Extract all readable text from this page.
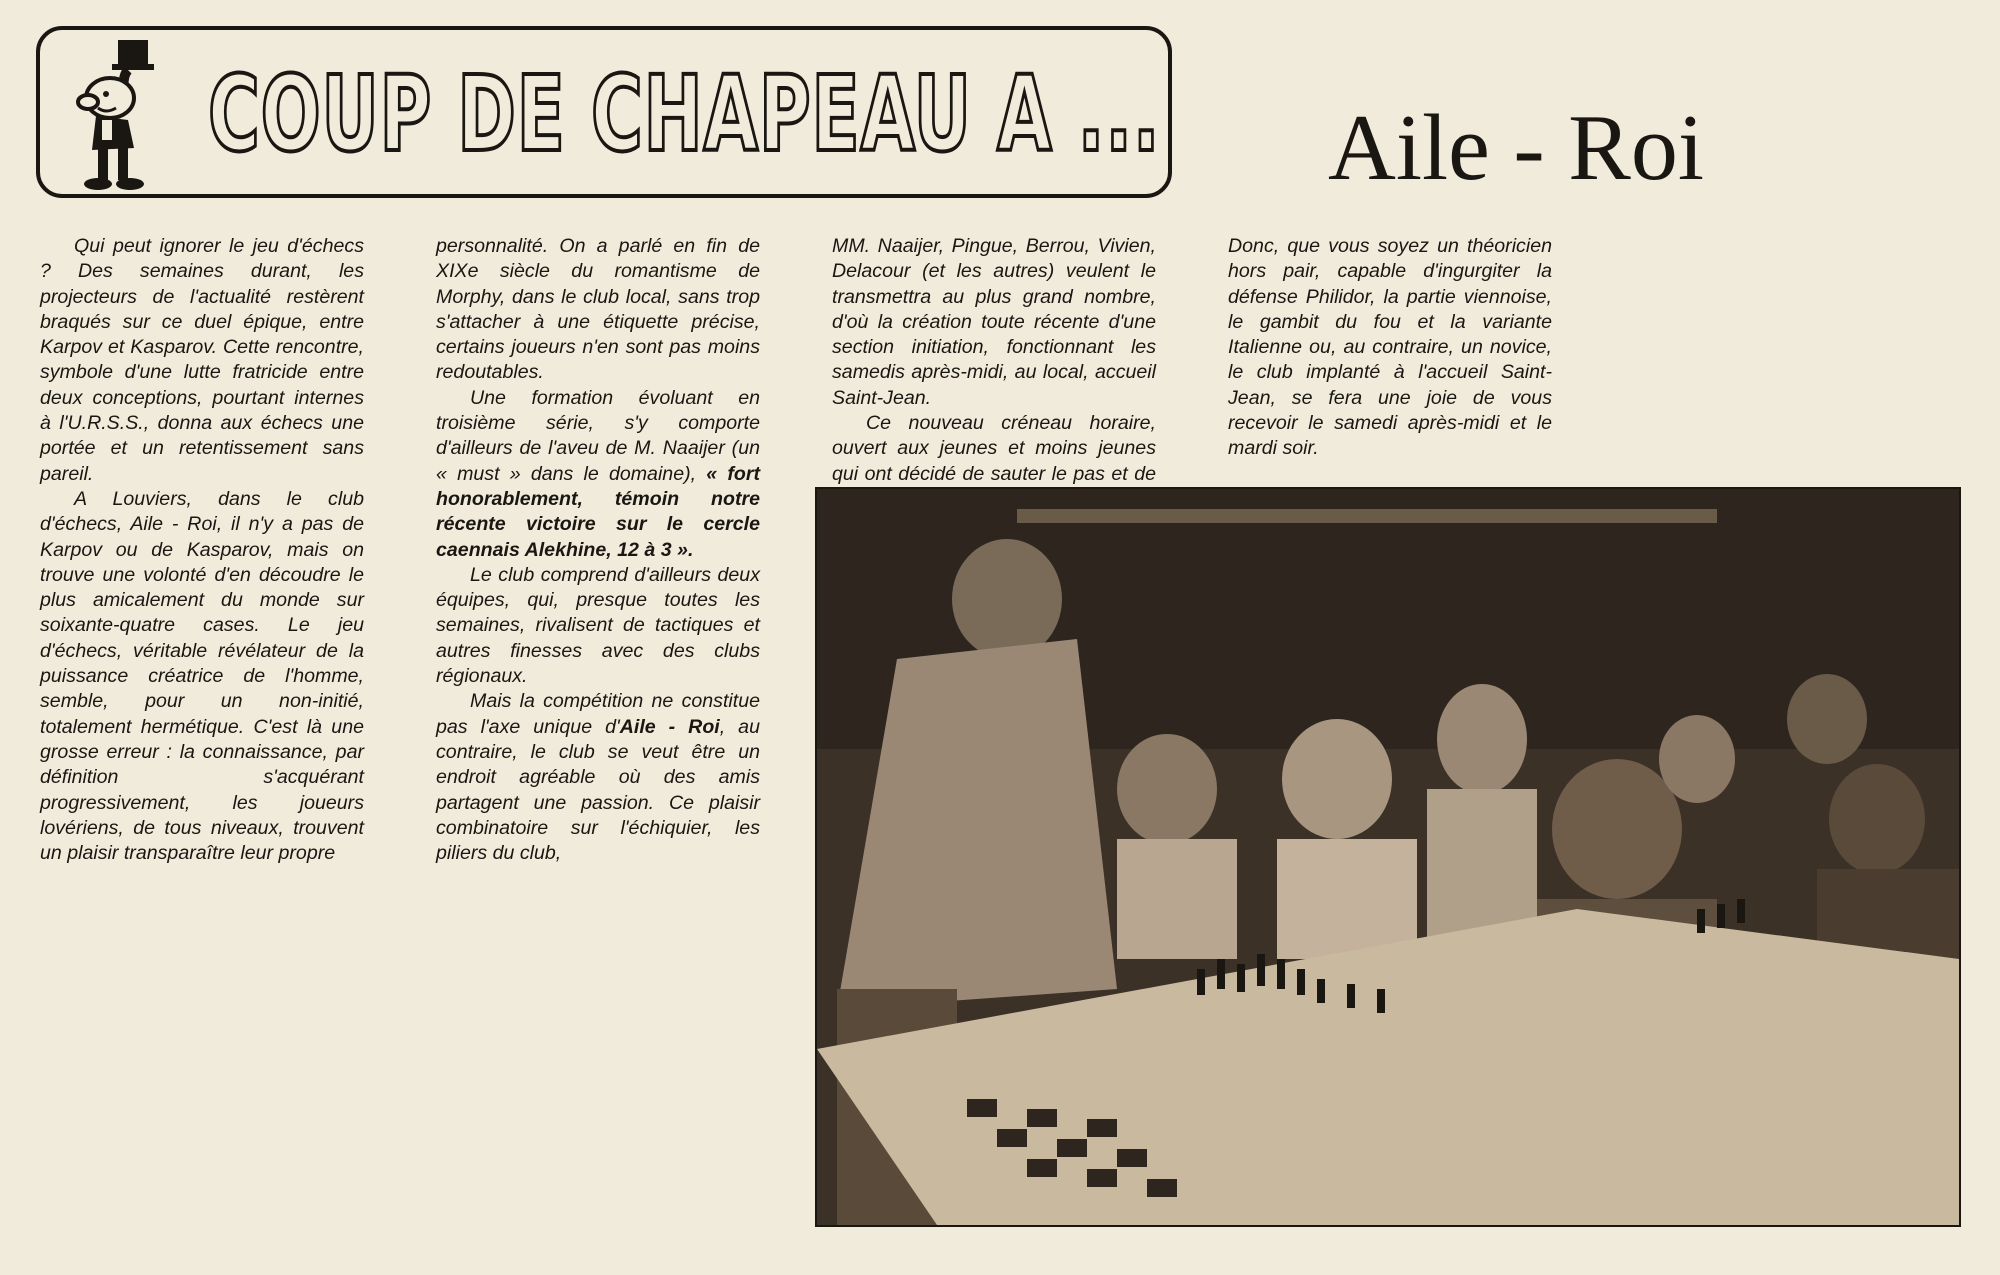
COUP DE CHAPEAU A ... Aile - Roi

Qui peut ignorer le jeu d'échecs ? Des semaines durant, les projecteurs de l'actualité restèrent braqués sur ce duel épique, entre Karpov et Kasparov. Cette rencontre, symbole d'une lutte fratricide entre deux conceptions, pourtant internes à l'U.R.S.S., donna aux échecs une portée et un retentissement sans pareil.

A Louviers, dans le club d'échecs, Aile - Roi, il n'y a pas de Karpov ou de Kasparov, mais on trouve une volonté d'en découdre le plus amicalement du monde sur soixante-quatre cases. Le jeu d'échecs, véritable révélateur de la puissance créatrice de l'homme, semble, pour un non-initié, totalement hermétique. C'est là une grosse erreur : la connaissance, par définition s'acquérant progressivement, les joueurs lovériens, de tous niveaux, trouvent un plaisir transparaître leur propre

personnalité. On a parlé en fin de XIXe siècle du romantisme de Morphy, dans le club local, sans trop s'attacher à une étiquette précise, certains joueurs n'en sont pas moins redoutables.

Une formation évoluant en troisième série, s'y comporte d'ailleurs de l'aveu de M. Naaijer (un « must » dans le domaine), « fort honorablement, témoin notre récente victoire sur le cercle caennais Alekhine, 12 à 3 ».

Le club comprend d'ailleurs deux équipes, qui, presque toutes les semaines, rivalisent de tactiques et autres finesses avec des clubs régionaux.

Mais la compétition ne constitue pas l'axe unique d'Aile - Roi, au contraire, le club se veut être un endroit agréable où des amis partagent une passion. Ce plaisir combinatoire sur l'échiquier, les piliers du club,

MM. Naaijer, Pingue, Berrou, Vivien, Delacour (et les autres) veulent le transmettra au plus grand nombre, d'où la création toute récente d'une section initiation, fonctionnant les samedis après-midi, au local, accueil Saint-Jean.

Ce nouveau créneau horaire, ouvert aux jeunes et moins jeunes qui ont décidé de sauter le pas et de

Donc, que vous soyez un théoricien hors pair, capable d'ingurgiter la défense Philidor, la partie viennoise, le gambit du fou et la variante Italienne ou, au contraire, un novice, le club implanté à l'accueil Saint-Jean, se fera une joie de vous recevoir le samedi après-midi et le mardi soir.
